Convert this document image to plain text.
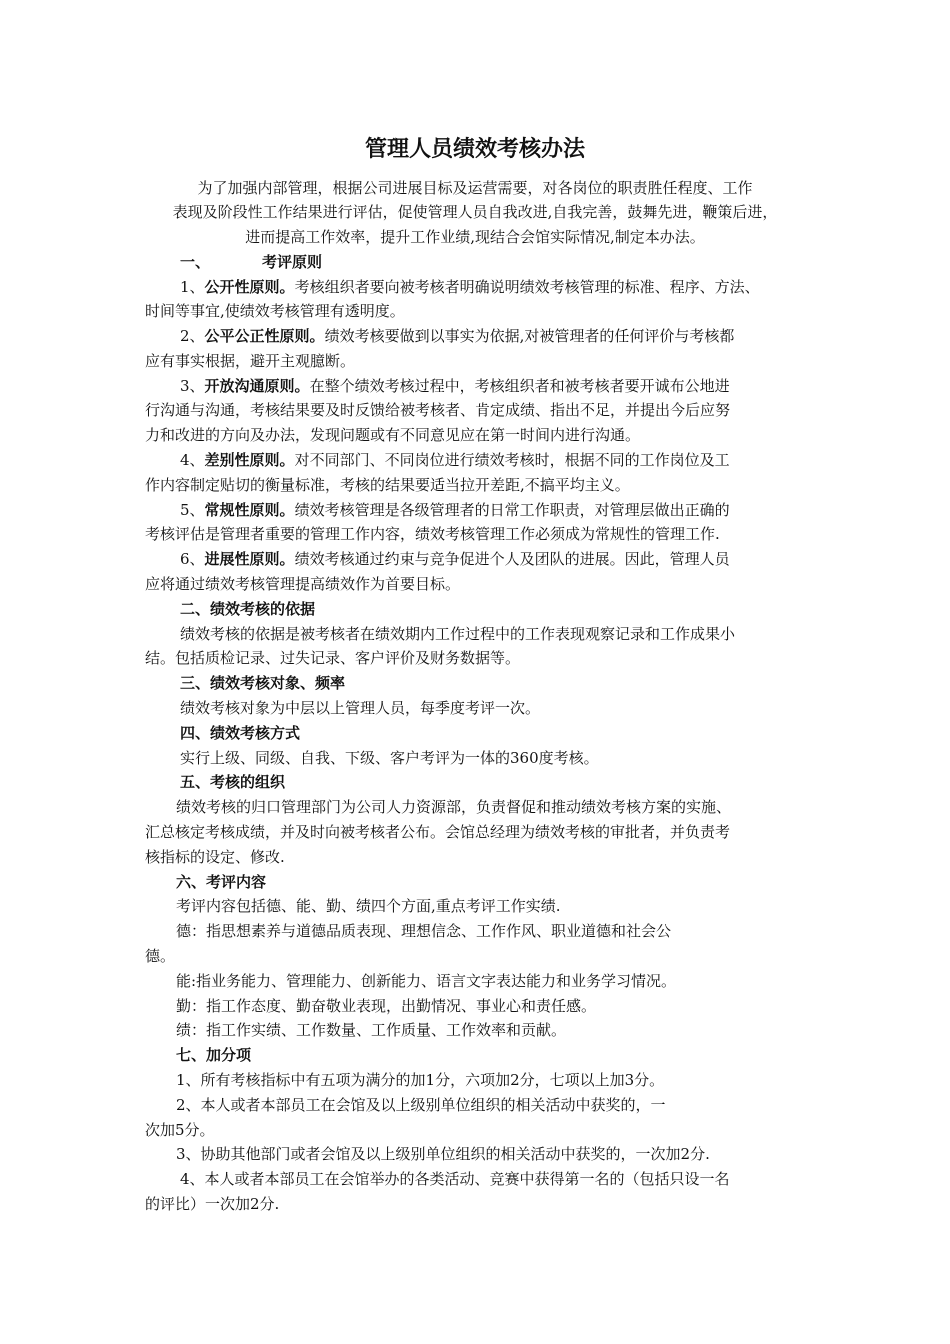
管理人员绩效考核办法
为了加强内部管理，根据公司进展目标及运营需要，对各岗位的职责胜任程度、工作
表现及阶段性工作结果进行评估，促使管理人员自我改进,自我完善，鼓舞先进，鞭策后进，
进而提高工作效率，提升工作业绩,现结合会馆实际情况,制定本办法。
一、	考评原则
1、公开性原则。考核组织者要向被考核者明确说明绩效考核管理的标准、程序、方法、
时间等事宜,使绩效考核管理有透明度。
2、公平公正性原则。绩效考核要做到以事实为依据,对被管理者的任何评价与考核都
应有事实根据，避开主观臆断。
3、开放沟通原则。在整个绩效考核过程中，考核组织者和被考核者要开诚布公地进
行沟通与沟通，考核结果要及时反馈给被考核者、肯定成绩、指出不足，并提出今后应努
力和改进的方向及办法，发现问题或有不同意见应在第一时间内进行沟通。
4、差别性原则。对不同部门、不同岗位进行绩效考核时，根据不同的工作岗位及工
作内容制定贴切的衡量标准，考核的结果要适当拉开差距,不搞平均主义。
5、常规性原则。绩效考核管理是各级管理者的日常工作职责，对管理层做出正确的
考核评估是管理者重要的管理工作内容，绩效考核管理工作必须成为常规性的管理工作.
6、进展性原则。绩效考核通过约束与竞争促进个人及团队的进展。因此，管理人员
应将通过绩效考核管理提高绩效作为首要目标。
二、绩效考核的依据
绩效考核的依据是被考核者在绩效期内工作过程中的工作表现观察记录和工作成果小
结。包括质检记录、过失记录、客户评价及财务数据等。
三、绩效考核对象、频率
绩效考核对象为中层以上管理人员，每季度考评一次。
四、绩效考核方式
实行上级、同级、自我、下级、客户考评为一体的360度考核。
五、考核的组织
绩效考核的归口管理部门为公司人力资源部，负责督促和推动绩效考核方案的实施、
汇总核定考核成绩，并及时向被考核者公布。会馆总经理为绩效考核的审批者，并负责考
核指标的设定、修改.
六、考评内容
考评内容包括德、能、勤、绩四个方面,重点考评工作实绩.
德：指思想素养与道德品质表现、理想信念、工作作风、职业道德和社会公
德。
能:指业务能力、管理能力、创新能力、语言文字表达能力和业务学习情况。
勤：指工作态度、勤奋敬业表现，出勤情况、事业心和责任感。
绩：指工作实绩、工作数量、工作质量、工作效率和贡献。
七、加分项
1、所有考核指标中有五项为满分的加1分，六项加2分，七项以上加3分。
2、本人或者本部员工在会馆及以上级别单位组织的相关活动中获奖的，一
次加5分。
3、协助其他部门或者会馆及以上级别单位组织的相关活动中获奖的，一次加2分.
4、本人或者本部员工在会馆举办的各类活动、竞赛中获得第一名的（包括只设一名
的评比）一次加2分.
